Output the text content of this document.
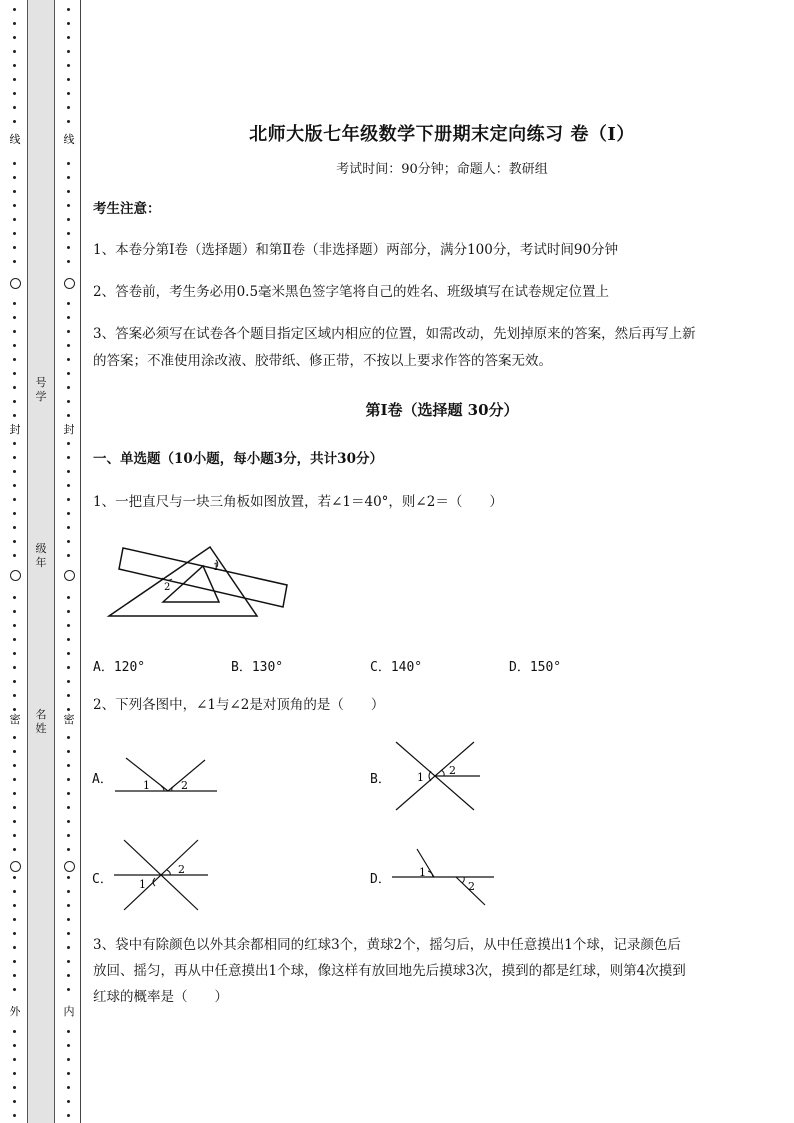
线
封
密
外
线
封
密
内
号学
级年
名姓
北师大版七年级数学下册期末定向练习 卷（Ⅰ）
考试时间：90分钟；命题人：教研组
考生注意：
1、本卷分第Ⅰ卷（选择题）和第Ⅱ卷（非选择题）两部分，满分100分，考试时间90分钟
2、答卷前，考生务必用0.5毫米黑色签字笔将自己的姓名、班级填写在试卷规定位置上
3、答案必须写在试卷各个题目指定区域内相应的位置，如需改动，先划掉原来的答案，然后再写上新
的答案；不准使用涂改液、胶带纸、修正带，不按以上要求作答的答案无效。
第Ⅰ卷（选择题 30分）
一、单选题（10小题，每小题3分，共计30分）
1、一把直尺与一块三角板如图放置，若∠1＝40°，则∠2＝（　　）
1
2
A．120°	B．130°	C．140°	D．150°
2、下列各图中，∠1与∠2是对顶角的是（　　）
A．	1	2	B． 1
2
C．
2
1	D．	1
2
3、袋中有除颜色以外其余都相同的红球3个，黄球2个，摇匀后，从中任意摸出1个球，记录颜色后
放回、摇匀，再从中任意摸出1个球，像这样有放回地先后摸球3次，摸到的都是红球，则第4次摸到
红球的概率是（　　）
